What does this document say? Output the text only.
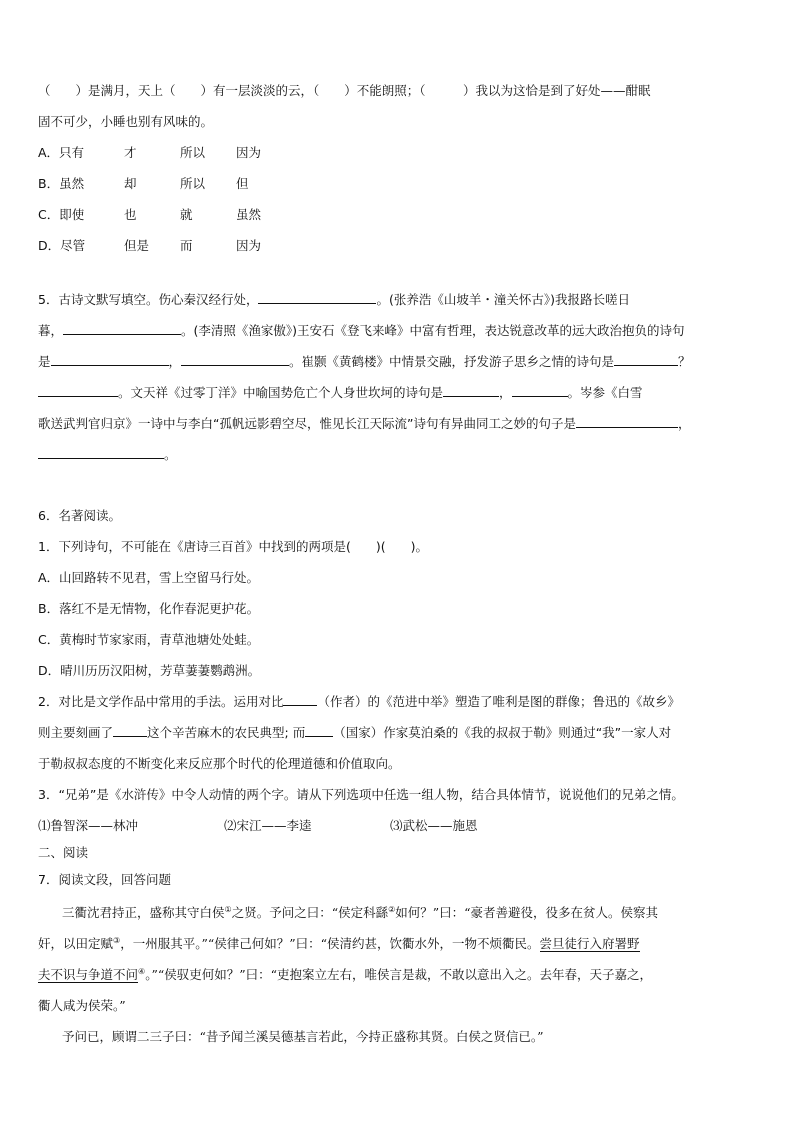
（　　）是满月，天上（　　）有一层淡淡的云，（　　）不能朗照；（　　　）我以为这恰是到了好处——酣眠
固不可少，小睡也别有风味的。
A．只有	才	所以 因为
B．虽然	却	所以 但
C．即使	也	就	虽然
D．尽管	但是 而	因为
5．古诗文默写填空。伤心秦汉经行处，	。(张养浩《山坡羊・潼关怀古》)我报路长嗟日
暮，	。(李清照《渔家傲》)王安石《登飞来峰》中富有哲理，表达锐意改革的远大政治抱负的诗句
是	，	。崔颢《黄鹤楼》中情景交融，抒发游子思乡之情的诗句是	？
。文天祥《过零丁洋》中喻国势危亡个人身世坎坷的诗句是	，	。岑参《白雪
歌送武判官归京》一诗中与李白“孤帆远影碧空尽，惟见长江天际流”诗句有异曲同工之妙的句子是	，
。
6．名著阅读。
1．下列诗句，不可能在《唐诗三百首》中找到的两项是(　　)(　　)。
A．山回路转不见君，雪上空留马行处。
B．落红不是无情物，化作春泥更护花。
C．黄梅时节家家雨，青草池塘处处蛙。
D．晴川历历汉阳树，芳草萋萋鹦鹉洲。
2．对比是文学作品中常用的手法。运用对比	（作者）的《范进中举》塑造了唯利是图的群像；鲁迅的《故乡》
则主要刻画了	这个辛苦麻木的农民典型; 而 （国家）作家莫泊桑的《我的叔叔于勒》则通过“我”一家人对
于勒叔叔态度的不断变化来反应那个时代的伦理道德和价值取向。
3．“兄弟”是《水浒传》中令人动情的两个字。请从下列选项中任选一组人物，结合具体情节，说说他们的兄弟之情。
⑴鲁智深——林冲	⑵宋江——李逵	⑶武松——施恩
二、阅读
7．阅读文段，回答问题
三衢沈君持正，盛称其守白侯①之贤。予问之曰：“侯定科繇②如何？”曰：“豪者善避役，役多在贫人。侯察其
奸，以田定赋③，一州服其平。”“侯律己何如？”曰：“侯清约甚，饮衢水外，一物不烦衢民。尝旦徒行入府署野
夫不识与争道不问④。”“侯驭吏何如？”曰：“吏抱案立左右，唯侯言是裁，不敢以意出入之。去年春，天子嘉之，
衢人咸为侯荣。”
予问已，顾谓二三子曰：“昔予闻兰溪吴德基言若此，今持正盛称其贤。白侯之贤信已。”
